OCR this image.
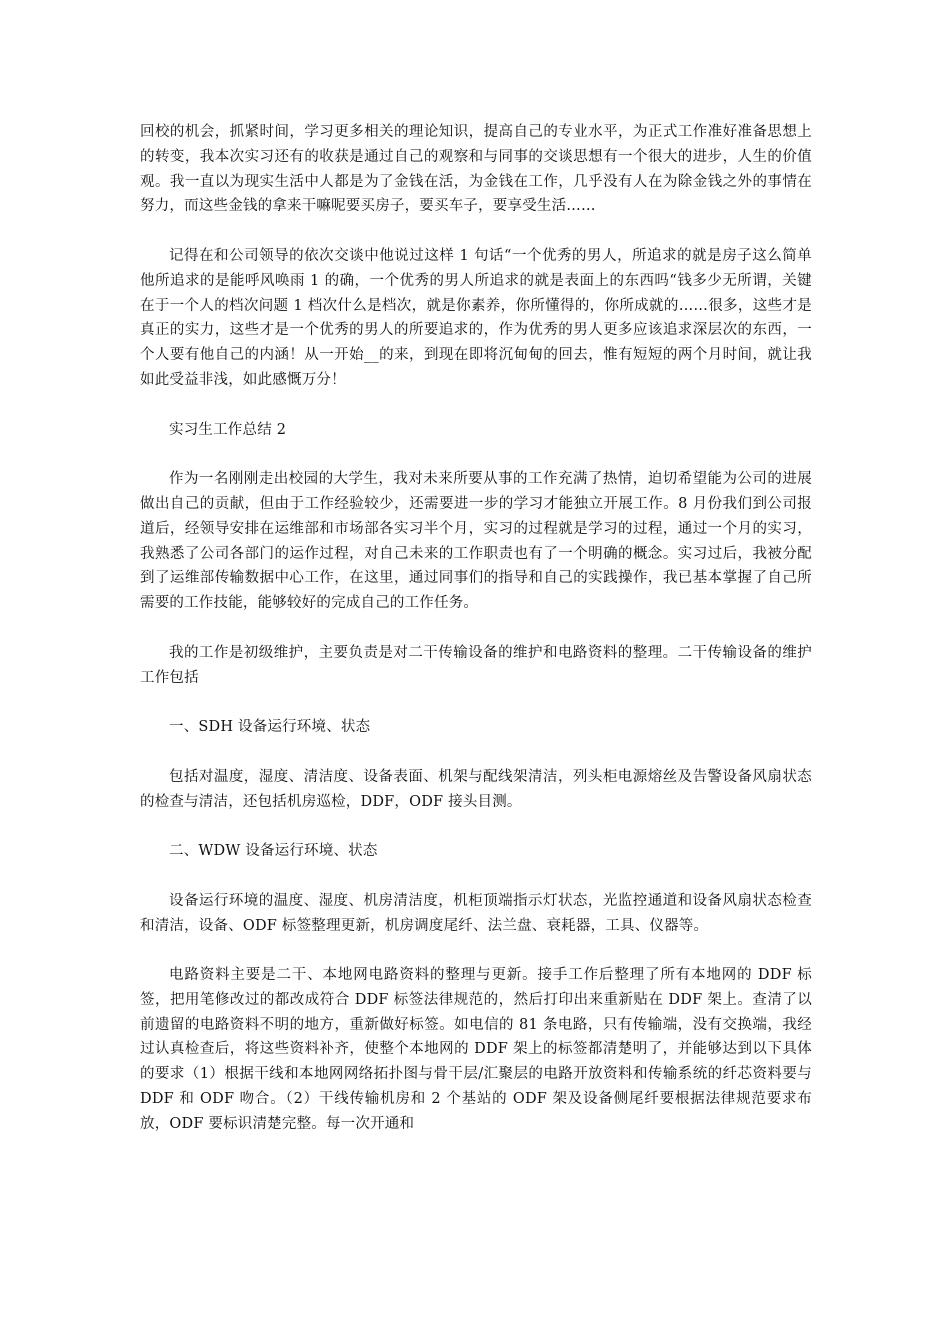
回校的机会，抓紧时间，学习更多相关的理论知识，提高自己的专业水平，为正式工作准好准备思想上的转变，我本次实习还有的收获是通过自己的观察和与同事的交谈思想有一个很大的进步，人生的价值观。我一直以为现实生活中人都是为了金钱在活，为金钱在工作，几乎没有人在为除金钱之外的事情在努力，而这些金钱的拿来干嘛呢要买房子，要买车子，要享受生活……

记得在和公司领导的依次交谈中他说过这样 1 句话“一个优秀的男人，所追求的就是房子这么简单他所追求的是能呼风唤雨 1 的确，一个优秀的男人所追求的就是表面上的东西吗“钱多少无所谓，关键在于一个人的档次问题 1 档次什么是档次，就是你素养，你所懂得的，你所成就的……很多，这些才是真正的实力，这些才是一个优秀的男人的所要追求的，作为优秀的男人更多应该追求深层次的东西，一个人要有他自己的内涵！从一开始__的来，到现在即将沉甸甸的回去，惟有短短的两个月时间，就让我如此受益非浅，如此感慨万分！

实习生工作总结 2

作为一名刚刚走出校园的大学生，我对未来所要从事的工作充满了热情，迫切希望能为公司的进展做出自己的贡献，但由于工作经验较少，还需要进一步的学习才能独立开展工作。8 月份我们到公司报道后，经领导安排在运维部和市场部各实习半个月，实习的过程就是学习的过程，通过一个月的实习，我熟悉了公司各部门的运作过程，对自己未来的工作职责也有了一个明确的概念。实习过后，我被分配到了运维部传输数据中心工作，在这里，通过同事们的指导和自己的实践操作，我已基本掌握了自己所需要的工作技能，能够较好的完成自己的工作任务。

我的工作是初级维护，主要负责是对二干传输设备的维护和电路资料的整理。二干传输设备的维护工作包括

一、SDH 设备运行环境、状态

包括对温度，湿度、清洁度、设备表面、机架与配线架清洁，列头柜电源熔丝及告警设备风扇状态的检查与清洁，还包括机房巡检，DDF，ODF 接头目测。

二、WDW 设备运行环境、状态

设备运行环境的温度、湿度、机房清洁度，机柜顶端指示灯状态，光监控通道和设备风扇状态检查和清洁，设备、ODF 标签整理更新，机房调度尾纤、法兰盘、衰耗器，工具、仪器等。

电路资料主要是二干、本地网电路资料的整理与更新。接手工作后整理了所有本地网的 DDF 标签，把用笔修改过的都改成符合 DDF 标签法律规范的，然后打印出来重新贴在 DDF 架上。查清了以前遗留的电路资料不明的地方，重新做好标签。如电信的 81 条电路，只有传输端，没有交换端，我经过认真检查后，将这些资料补齐，使整个本地网的 DDF 架上的标签都清楚明了，并能够达到以下具体的要求（1）根据干线和本地网网络拓扑图与骨干层/汇聚层的电路开放资料和传输系统的纤芯资料要与 DDF 和 ODF 吻合。（2）干线传输机房和 2 个基站的 ODF 架及设备侧尾纤要根据法律规范要求布放，ODF 要标识清楚完整。每一次开通和
